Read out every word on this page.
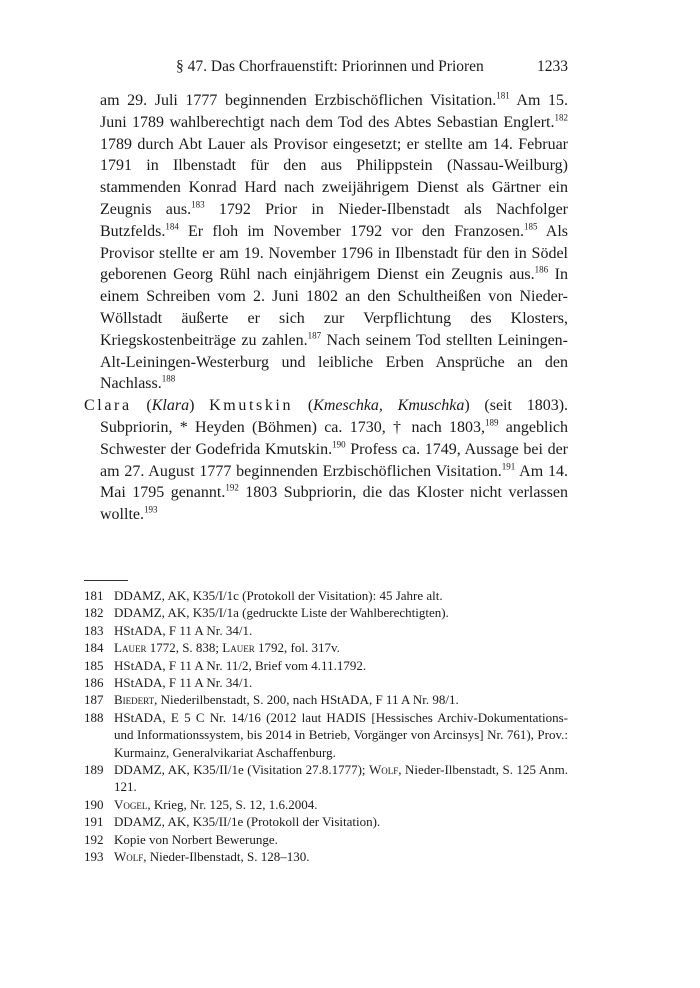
§ 47. Das Chorfrauenstift: Priorinnen und Prioren	1233

am 29. Juli 1777 beginnenden Erzbischöflichen Visitation.$^{181}$ Am 15. Juni 1789 wahlberechtigt nach dem Tod des Abtes Sebastian Englert.$^{182}$ 1789 durch Abt Lauer als Provisor eingesetzt; er stellte am 14. Februar 1791 in Ilbenstadt für den aus Philippstein (Nassau-Weilburg) stammenden Konrad Hard nach zweijährigem Dienst als Gärtner ein Zeugnis aus.$^{183}$ 1792 Prior in Nieder-Ilbenstadt als Nachfolger Butzfelds.$^{184}$ Er floh im November 1792 vor den Franzosen.$^{185}$ Als Provisor stellte er am 19. November 1796 in Ilbenstadt für den in Södel geborenen Georg Rühl nach einjährigem Dienst ein Zeugnis aus.$^{186}$ In einem Schreiben vom 2. Juni 1802 an den Schultheißen von Nieder-Wöllstadt äußerte er sich zur Verpflichtung des Klosters, Kriegskostenbeiträge zu zahlen.$^{187}$ Nach seinem Tod stellten Leiningen-Alt-Leiningen-Westerburg und leibliche Erben Ansprüche an den Nachlass.$^{188}$

Clara (Klara) Kmutskin (Kmeschka, Kmuschka) (seit 1803). Subpriorin, * Heyden (Böhmen) ca. 1730, † nach 1803,$^{189}$ angeblich Schwester der Godefrida Kmutskin.$^{190}$ Profess ca. 1749, Aussage bei der am 27. August 1777 beginnenden Erzbischöflichen Visitation.$^{191}$ Am 14. Mai 1795 genannt.$^{192}$ 1803 Subpriorin, die das Kloster nicht verlassen wollte.$^{193}$

181 DDAMZ, AK, K35/I/1c (Protokoll der Visitation): 45 Jahre alt.
182 DDAMZ, AK, K35/I/1a (gedruckte Liste der Wahlberechtigten).
183 HStADA, F 11 A Nr. 34/1.
184 Lauer 1772, S. 838; Lauer 1792, fol. 317v.
185 HStADA, F 11 A Nr. 11/2, Brief vom 4.11.1792.
186 HStADA, F 11 A Nr. 34/1.
187 Biedert, Niederilbenstadt, S. 200, nach HStADA, F 11 A Nr. 98/1.
188 HStADA, E 5 C Nr. 14/16 (2012 laut HADIS [Hessisches Archiv-Dokumentations- und Informationssystem, bis 2014 in Betrieb, Vorgänger von Arcinsys] Nr. 761), Prov.: Kurmainz, Generalvikariat Aschaffenburg.
189 DDAMZ, AK, K35/II/1e (Visitation 27.8.1777); Wolf, Nieder-Ilbenstadt, S. 125 Anm. 121.
190 Vogel, Krieg, Nr. 125, S. 12, 1.6.2004.
191 DDAMZ, AK, K35/II/1e (Protokoll der Visitation).
192 Kopie von Norbert Bewerunge.
193 Wolf, Nieder-Ilbenstadt, S. 128–130.
